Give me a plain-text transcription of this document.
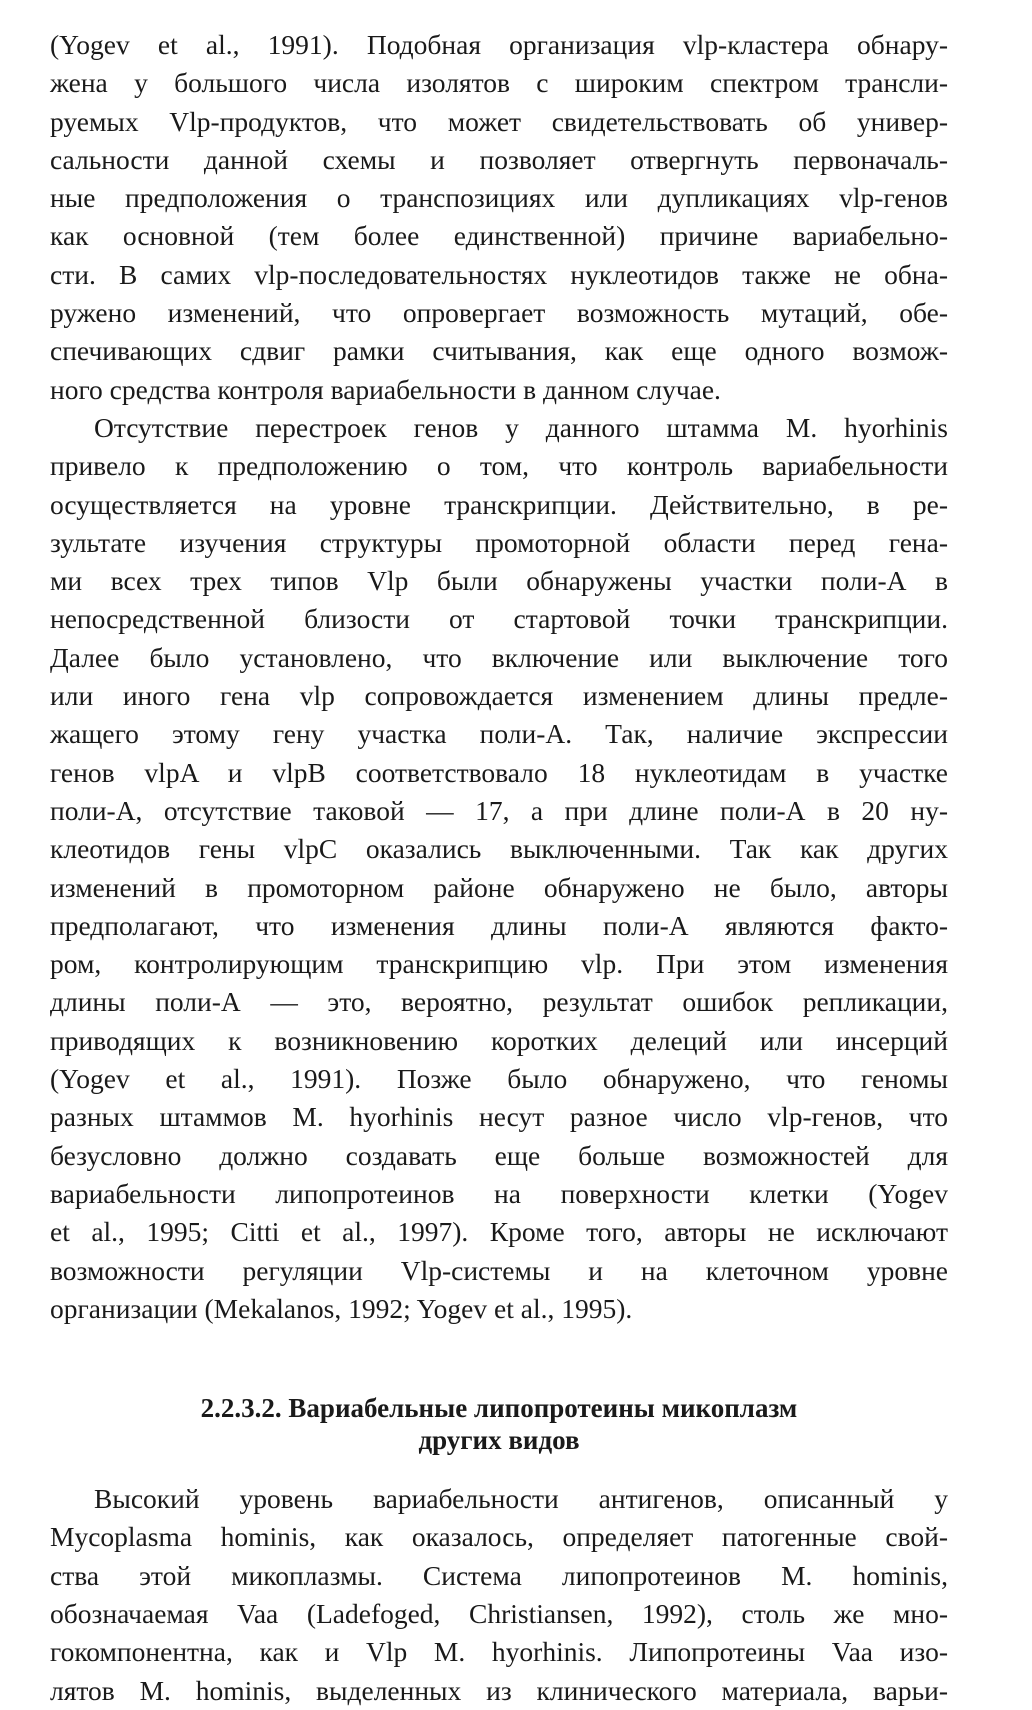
(Yogev et al., 1991). Подобная организация vlp-кластера обнару-
жена у большого числа изолятов с широким спектром трансли-
руемых Vlp-продуктов, что может свидетельствовать об универ-
сальности данной схемы и позволяет отвергнуть первоначаль-
ные предположения о транспозициях или дупликациях vlp-генов
как основной (тем более единственной) причине вариабельно-
сти. В самих vlp-последовательностях нуклеотидов также не обна-
ружено изменений, что опровергает возможность мутаций, обе-
спечивающих сдвиг рамки считывания, как еще одного возмож-
ного средства контроля вариабельности в данном случае.

Отсутствие перестроек генов у данного штамма M. hyorhinis
привело к предположению о том, что контроль вариабельности
осуществляется на уровне транскрипции. Действительно, в ре-
зультате изучения структуры промоторной области перед гена-
ми всех трех типов Vlp были обнаружены участки поли-А в
непосредственной близости от стартовой точки транскрипции.
Далее было установлено, что включение или выключение того
или иного гена vlp сопровождается изменением длины предле-
жащего этому гену участка поли-А. Так, наличие экспрессии
генов vlpA и vlpB соответствовало 18 нуклеотидам в участке
поли-А, отсутствие таковой — 17, а при длине поли-А в 20 ну-
клеотидов гены vlpC оказались выключенными. Так как других
изменений в промоторном районе обнаружено не было, авторы
предполагают, что изменения длины поли-А являются факто-
ром, контролирующим транскрипцию vlp. При этом изменения
длины поли-А — это, вероятно, результат ошибок репликации,
приводящих к возникновению коротких делеций или инсерций
(Yogev et al., 1991). Позже было обнаружено, что геномы
разных штаммов M. hyorhinis несут разное число vlp-генов, что
безусловно должно создавать еще больше возможностей для
вариабельности липопротеинов на поверхности клетки (Yogev
et al., 1995; Citti et al., 1997). Кроме того, авторы не исключают
возможности регуляции Vlp-системы и на клеточном уровне
организации (Mekalanos, 1992; Yogev et al., 1995).

2.2.3.2. Вариабельные липопротеины микоплазм
других видов

Высокий уровень вариабельности антигенов, описанный у
Mycoplasma hominis, как оказалось, определяет патогенные свой-
ства этой микоплазмы. Система липопротеинов M. hominis,
обозначаемая Vaa (Ladefoged, Christiansen, 1992), столь же мно-
гокомпонентна, как и Vlp M. hyorhinis. Липопротеины Vaa изо-
лятов M. hominis, выделенных из клинического материала, варьи-
